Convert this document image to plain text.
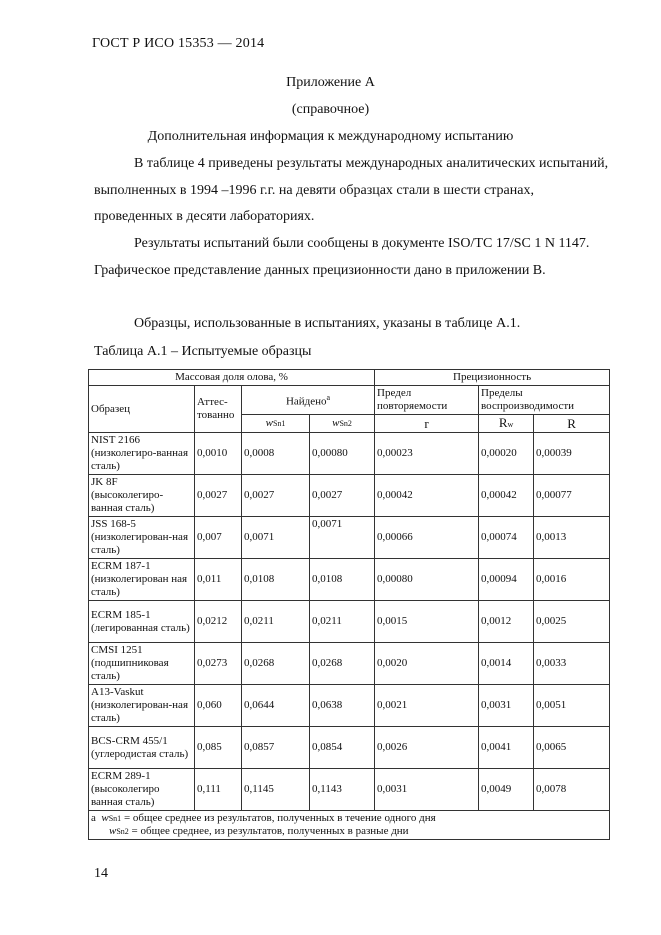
ГОСТ Р ИСО 15353 — 2014
Приложение А
(справочное)
Дополнительная информация к международному испытанию
В таблице 4 приведены результаты международных аналитических испытаний, выполненных в 1994 –1996 г.г. на девяти образцах стали в шести странах, проведенных в десяти лабораториях.
Результаты испытаний были сообщены в документе ISO/TC 17/SC 1 N 1147. Графическое представление данных прецизионности дано в приложении В.
Образцы, использованные в испытаниях, указаны в таблице А.1.
Таблица А.1 – Испытуемые образцы
Массовая доля олова, %				Прецизионность		
Образец	Аттес-тованно	Найдено$^a$		Предел повторяемости	Пределы воспроизводимости	
		wSn1	wSn2	r	Rw	R
NIST 2166 (низколегиро-ванная сталь)	0,0010	0,0008	0,00080	0,00023	0,00020	0,00039
JK 8F (высоколегиро-ванная сталь)	0,0027	0,0027	0,0027	0,00042	0,00042	0,00077
JSS 168-5 (низколегирован-ная сталь)	0,007	0,0071	0,0071	0,00066	0,00074	0,0013
ECRM 187-1 (низколегирован ная сталь)	0,011	0,0108	0,0108	0,00080	0,00094	0,0016
ECRM 185-1 (легированная сталь)	0,0212	0,0211	0,0211	0,0015	0,0012	0,0025
CMSI 1251 (подшипниковая сталь)	0,0273	0,0268	0,0268	0,0020	0,0014	0,0033
A13-Vaskut (низколегирован-ная сталь)	0,060	0,0644	0,0638	0,0021	0,0031	0,0051
BCS-CRM 455/1 (углеродистая сталь)	0,085	0,0857	0,0854	0,0026	0,0041	0,0065
ECRM 289-1 (высоколегиро ванная сталь)	0,111	0,1145	0,1143	0,0031	0,0049	0,0078

а wSn1 = общее среднее из результатов, полученных в течение одного дня
wSn2 = общее среднее, из результатов, полученных в разные дни						
14
